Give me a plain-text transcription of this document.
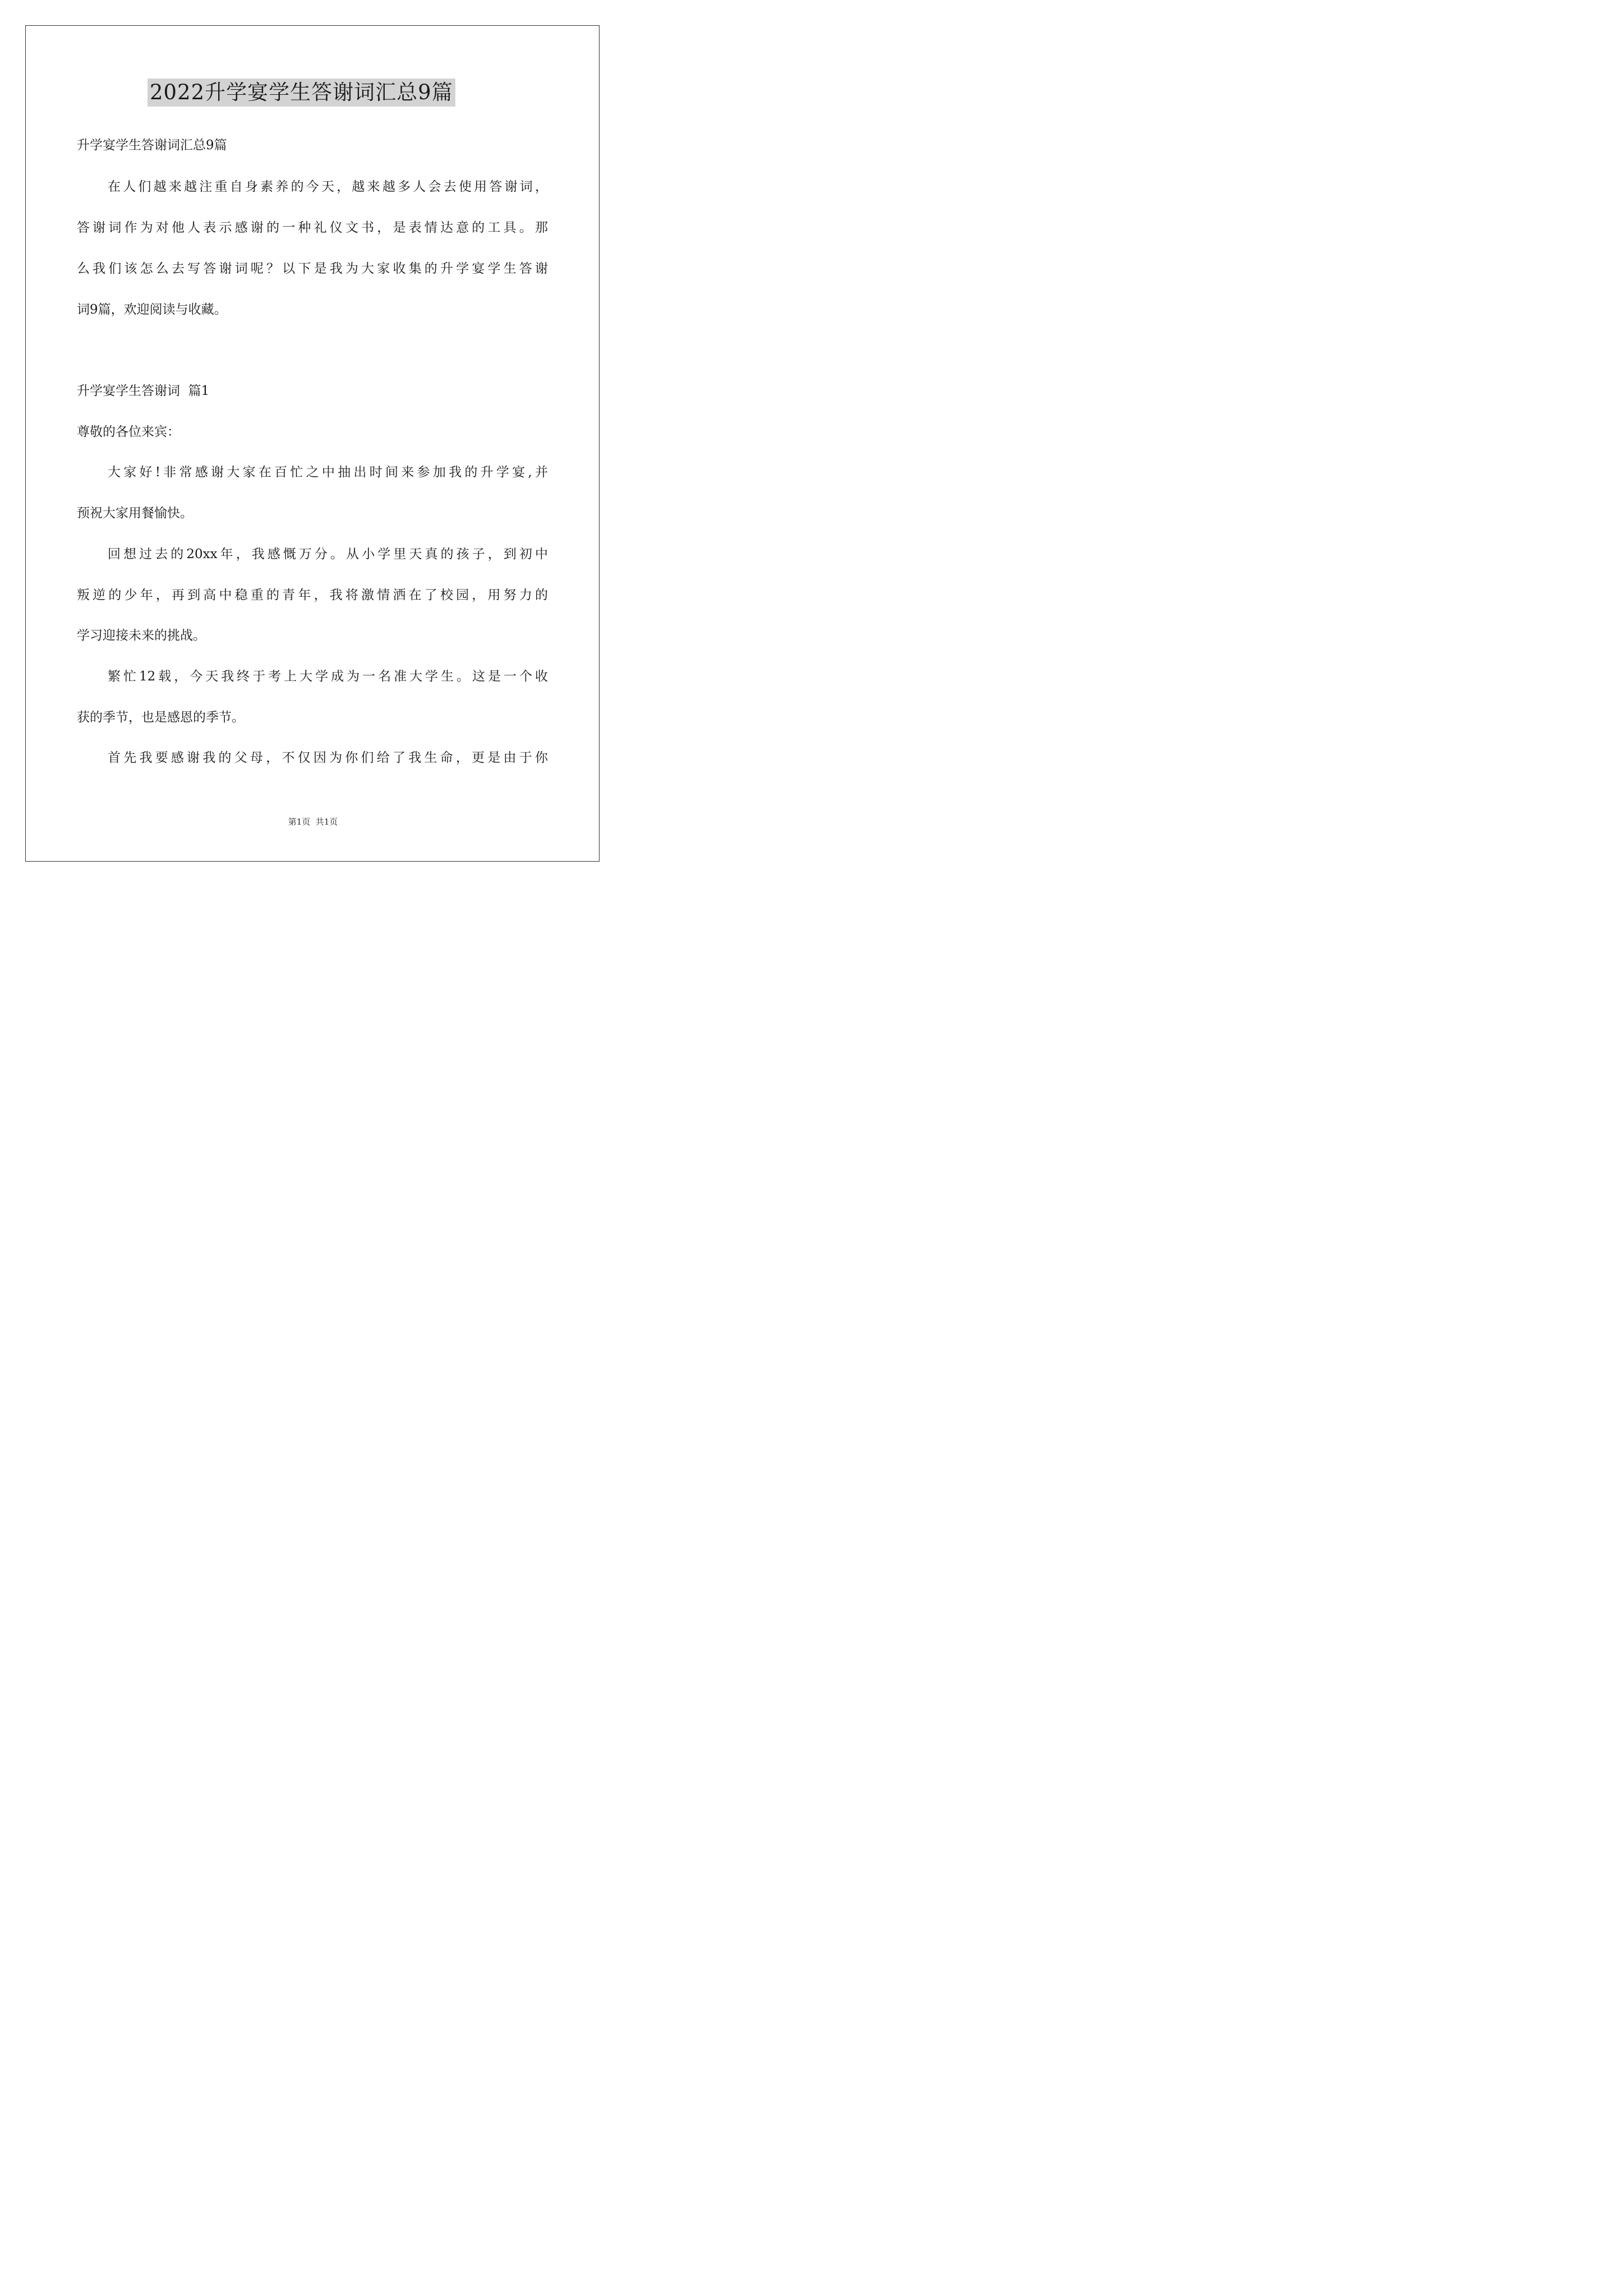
2022升学宴学生答谢词汇总9篇
升学宴学生答谢词汇总9篇
在人们越来越注重自身素养的今天，越来越多人会去使用答谢词，
答谢词作为对他人表示感谢的一种礼仪文书，是表情达意的工具。那
么我们该怎么去写答谢词呢？以下是我为大家收集的升学宴学生答谢
词9篇，欢迎阅读与收藏。
升学宴学生答谢词  篇1
尊敬的各位来宾：
大家好!非常感谢大家在百忙之中抽出时间来参加我的升学宴,并
预祝大家用餐愉快。
回想过去的20xx年，我感慨万分。从小学里天真的孩子，到初中
叛逆的少年，再到高中稳重的青年，我将激情洒在了校园，用努力的
学习迎接未来的挑战。
繁忙12载，今天我终于考上大学成为一名准大学生。这是一个收
获的季节，也是感恩的季节。
首先我要感谢我的父母，不仅因为你们给了我生命，更是由于你
第1页  共1页
